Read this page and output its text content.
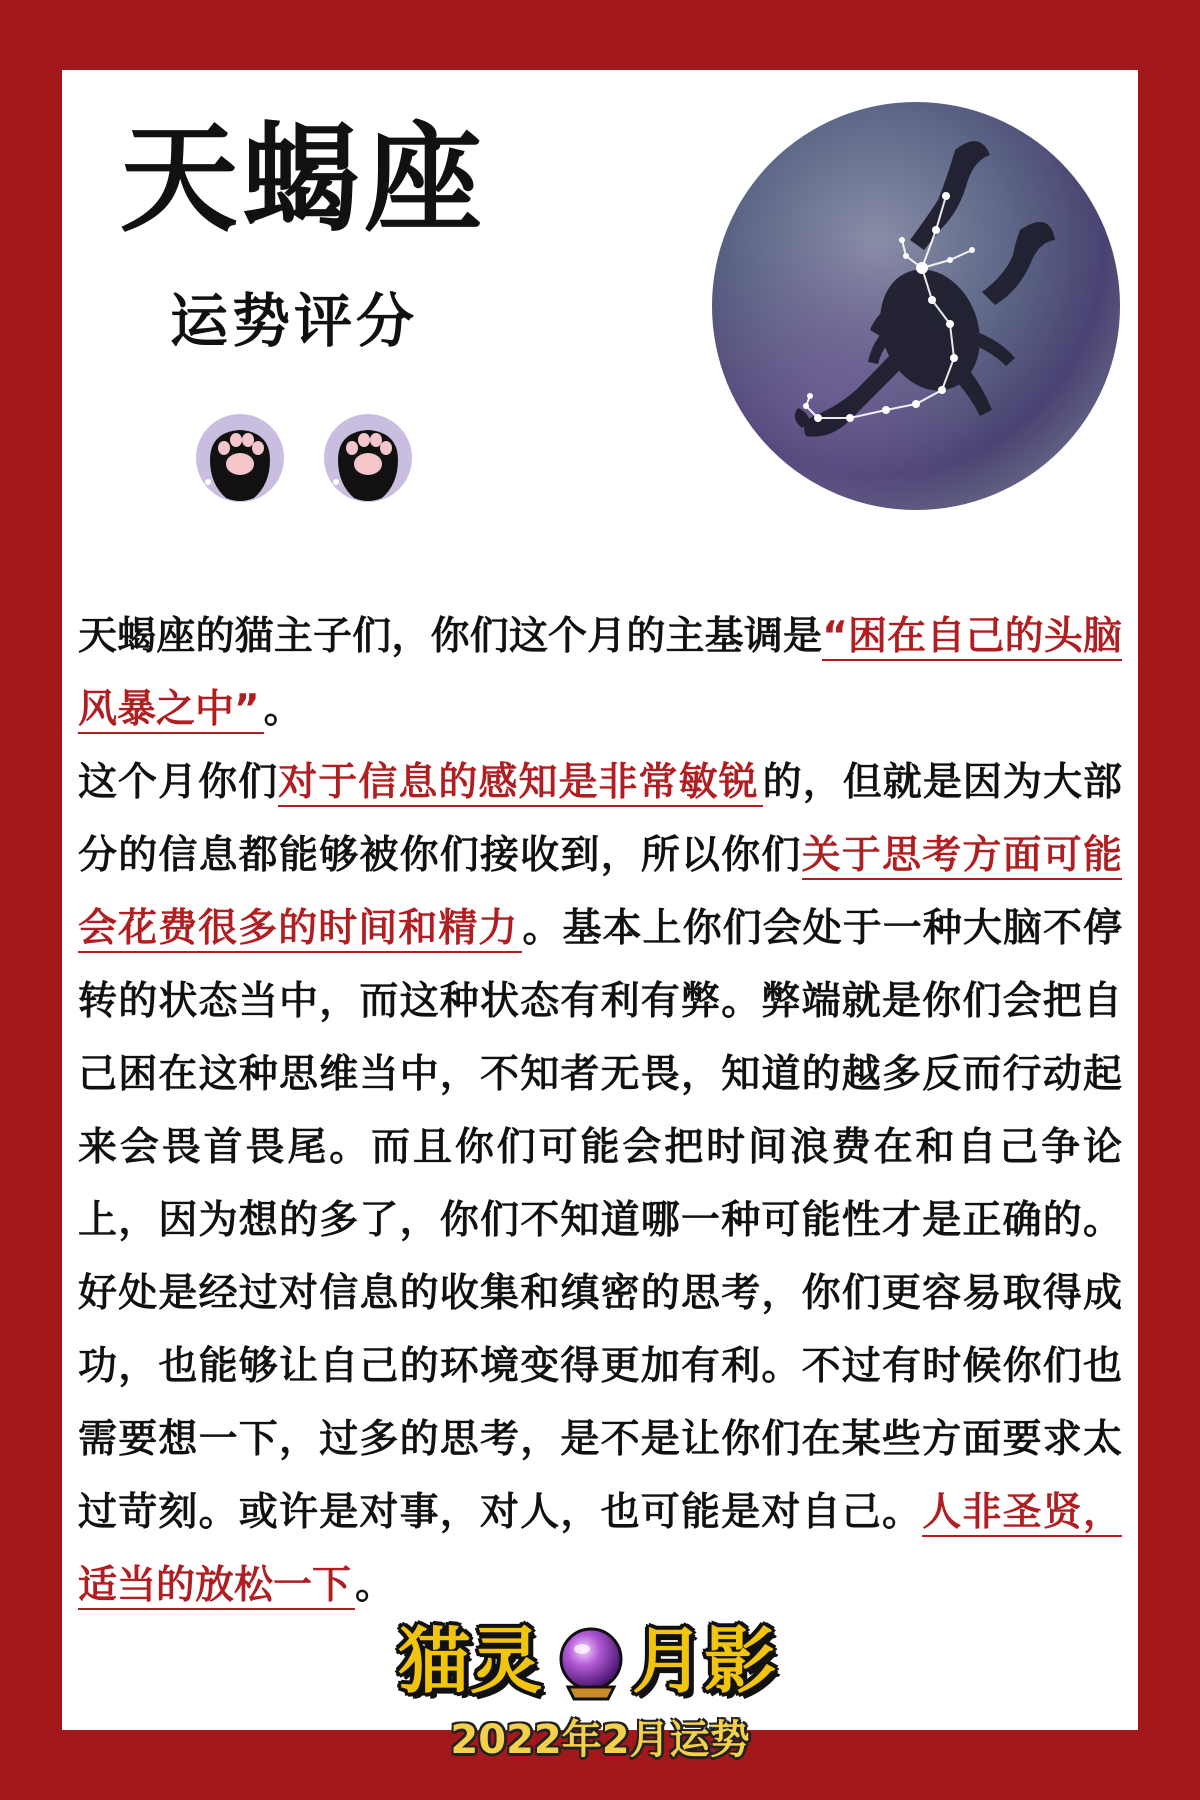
天蝎座
运势评分

天蝎座的猫主子们，你们这个月的主基调是“困在自己的头脑风暴之中” 。

这个月你们对于信息的感知是非常敏锐 的，但就是因为大部分的信息都能够被你们接收到，所以你们关于思考方面可能会花费很多的时间和精力 。基本上你们会处于一种大脑不停转的状态当中，而这种状态有利有弊。弊端就是你们会把自己困在这种思维当中，不知者无畏，知道的越多反而行动起来会畏首畏尾。而且你们可能会把时间浪费在和自己争论上，因为想的多了，你们不知道哪一种可能性才是正确的。好处是经过对信息的收集和缜密的思考，你们更容易取得成功，也能够让自己的环境变得更加有利。不过有时候你们也需要想一下，过多的思考，是不是让你们在某些方面要求太过苛刻。或许是对事，对人，也可能是对自己。人非圣贤，适当的放松一下 。

猫灵 月影
2022年2月运势
